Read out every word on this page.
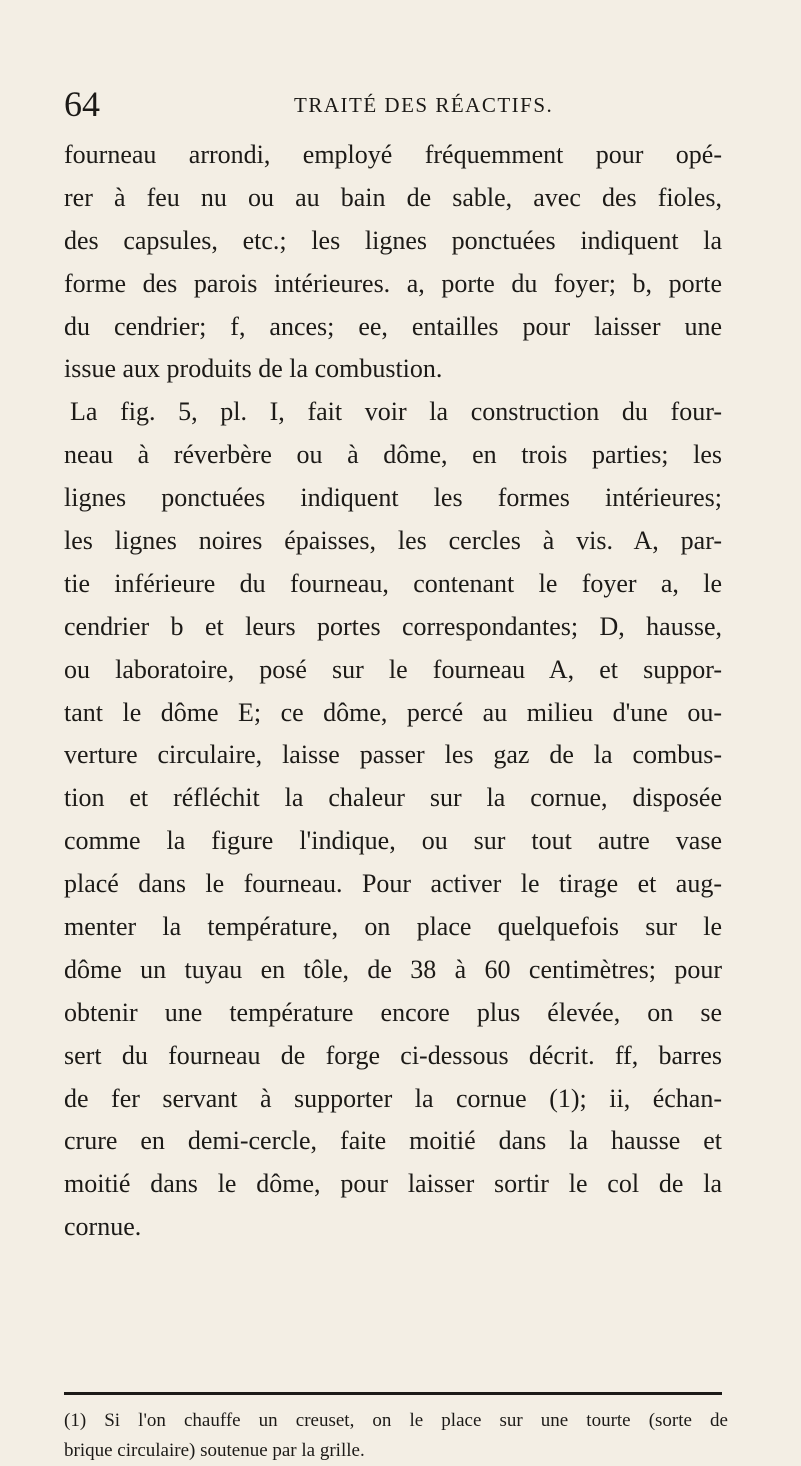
64	TRAITÉ DES RÉACTIFS.
fourneau arrondi, employé fréquemment pour opé-
rer à feu nu ou au bain de sable, avec des fioles,
des capsules, etc.; les lignes ponctuées indiquent la
forme des parois intérieures. a, porte du foyer; b, porte
du cendrier; f, ances; ee, entailles pour laisser une
issue aux produits de la combustion.
La fig. 5, pl. I, fait voir la construction du four-
neau à réverbère ou à dôme, en trois parties; les
lignes ponctuées indiquent les formes intérieures;
les lignes noires épaisses, les cercles à vis. A, par-
tie inférieure du fourneau, contenant le foyer a, le
cendrier b et leurs portes correspondantes; D, hausse,
ou laboratoire, posé sur le fourneau A, et suppor-
tant le dôme E; ce dôme, percé au milieu d'une ou-
verture circulaire, laisse passer les gaz de la combus-
tion et réfléchit la chaleur sur la cornue, disposée
comme la figure l'indique, ou sur tout autre vase
placé dans le fourneau. Pour activer le tirage et aug-
menter la température, on place quelquefois sur le
dôme un tuyau en tôle, de 38 à 60 centimètres; pour
obtenir une température encore plus élevée, on se
sert du fourneau de forge ci-dessous décrit. ff, barres
de fer servant à supporter la cornue (1); ii, échan-
crure en demi-cercle, faite moitié dans la hausse et
moitié dans le dôme, pour laisser sortir le col de la
cornue.
(1) Si l'on chauffe un creuset, on le place sur une tourte (sorte de
brique circulaire) soutenue par la grille.
